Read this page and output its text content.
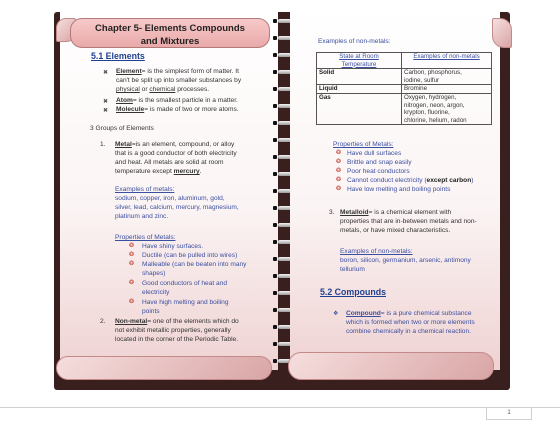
Chapter 5- Elements Compounds
and Mixtures
5.1 Elements
✖ Element= is the simplest form of matter. It
can't be split up into smaller substances by
physical or chemical processes.
✖ Atom= is the smallest particle in a matter.
✖ Molecule= is made of two or more atoms.
3 Groups of Elements
1. Metal=is an element, compound, or alloy
that is a good conductor of both electricity
and heat. All metals are solid at room
temperature except mercury.
Examples of metals:
sodium, copper, iron, aluminum, gold,
silver, lead, calcium, mercury, magnesium,
platinum and zinc.
Properties of Metals:
❂ Have shiny surfaces.
❂ Ductile (can be pulled into wires)
❂ Malleable (can be beaten into many
shapes)
❂ Good conductors of heat and
electricity
❂ Have high melting and boiling
points
2. Non-metal= one of the elements which do
not exhibit metallic properties, generally
located in the corner of the Periodic Table.
Examples of non-metals:
State at Room
Temperature	Examples of non-metals
Solid	Carbon, phosphorus,
iodine, sulfur

Liquid	Bromine

Gas	Oxygen, hydrogen,
nitrogen, neon, argon,
krypton, fluorine,
chlorine, helium, radon
Properties of Metals:
❂ Have dull surfaces
❂ Brittle and snap easily
❂ Poor heat conductors
❂ Cannot conduct electricity (except carbon)
❂ Have low melting and boiling points
3. Metalloid= is a chemical element with
properties that are in-between metals and non-
metals, or have mixed characteristics.
Examples of non-metals:
boron, silicon, germanium, arsenic, antimony
tellurium
5.2 Compounds
❖ Compound= is a pure chemical substance
which is formed when two or more elements
combine chemically in a chemical reaction.
1
